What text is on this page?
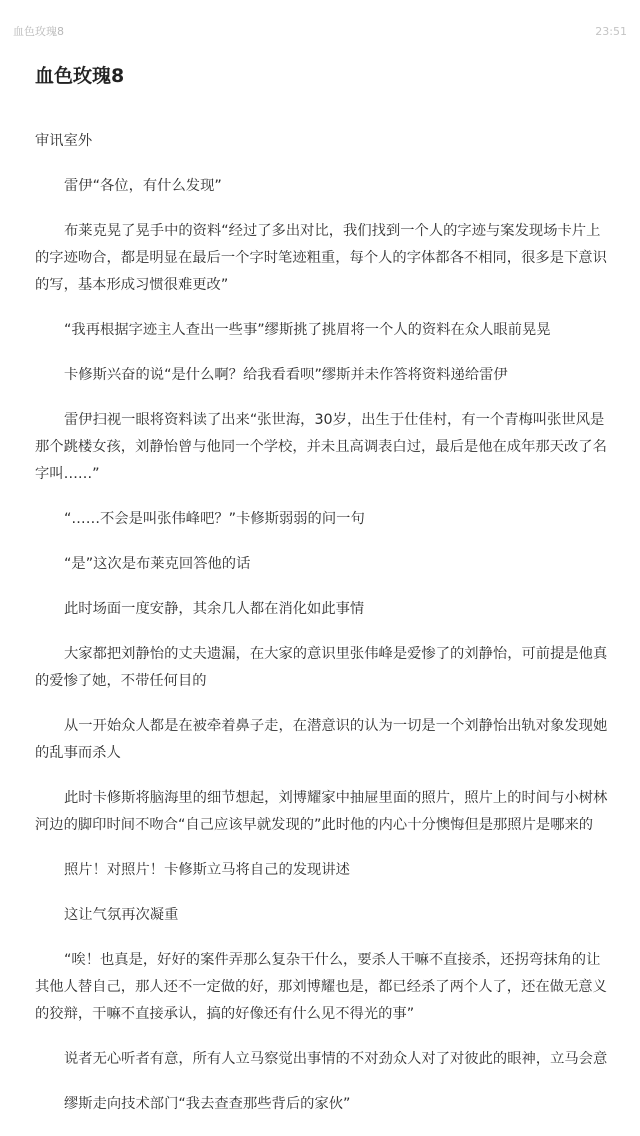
血色玫瑰8	23:51
血色玫瑰8

审讯室外

雷伊“各位，有什么发现”

布莱克晃了晃手中的资料“经过了多出对比，我们找到一个人的字迹与案发现场卡片上的字迹吻合，都是明显在最后一个字时笔迹粗重，每个人的字体都各不相同，很多是下意识的写，基本形成习惯很难更改”

“我再根据字迹主人查出一些事”缪斯挑了挑眉将一个人的资料在众人眼前晃晃

卡修斯兴奋的说“是什么啊？给我看看呗”缪斯并未作答将资料递给雷伊

雷伊扫视一眼将资料读了出来“张世海，30岁，出生于仕佳村，有一个青梅叫张世风是那个跳楼女孩，刘静怡曾与他同一个学校，并未且高调表白过，最后是他在成年那天改了名字叫……”

“……不会是叫张伟峰吧？”卡修斯弱弱的问一句

“是”这次是布莱克回答他的话

此时场面一度安静，其余几人都在消化如此事情

大家都把刘静怡的丈夫遗漏，在大家的意识里张伟峰是爱惨了的刘静怡，可前提是他真的爱惨了她，不带任何目的

从一开始众人都是在被牵着鼻子走，在潜意识的认为一切是一个刘静怡出轨对象发现她的乱事而杀人

此时卡修斯将脑海里的细节想起，刘博耀家中抽屉里面的照片，照片上的时间与小树林河边的脚印时间不吻合“自己应该早就发现的”此时他的内心十分懊悔但是那照片是哪来的

照片！对照片！卡修斯立马将自己的发现讲述

这让气氛再次凝重

“唉！也真是，好好的案件弄那么复杂干什么，要杀人干嘛不直接杀，还拐弯抹角的让其他人替自己，那人还不一定做的好，那刘博耀也是，都已经杀了两个人了，还在做无意义的狡辩，干嘛不直接承认，搞的好像还有什么见不得光的事”

说者无心听者有意，所有人立马察觉出事情的不对劲众人对了对彼此的眼神，立马会意

缪斯走向技术部门“我去查查那些背后的家伙”
